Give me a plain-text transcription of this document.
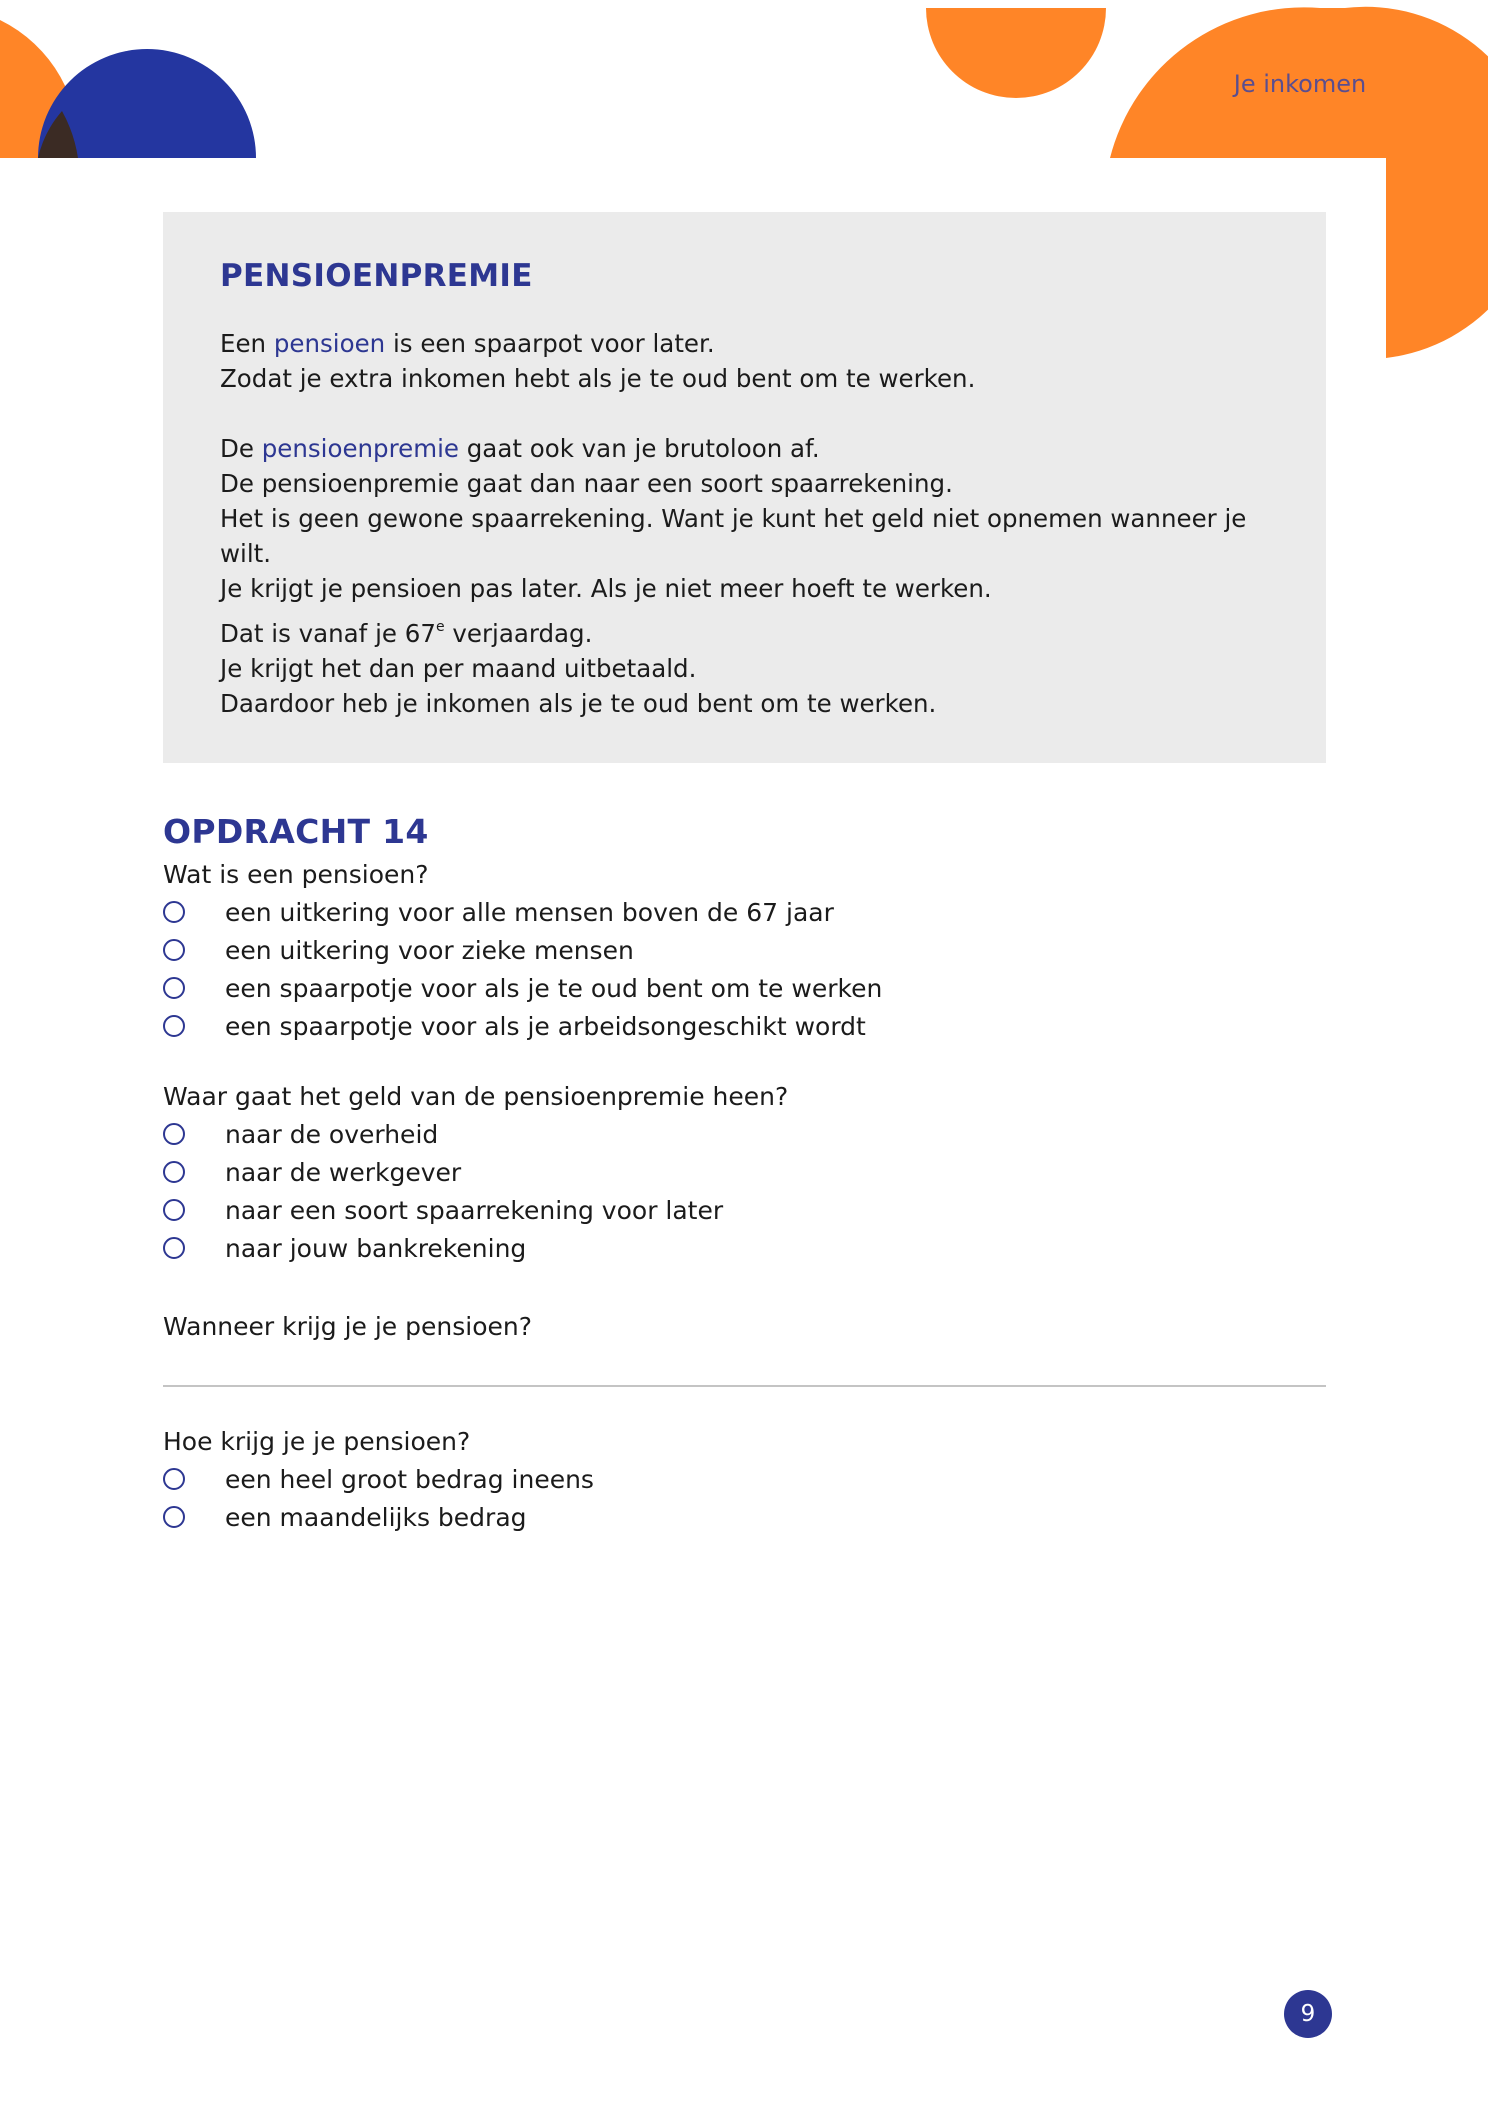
Je inkomen
PENSIOENPREMIE
Een pensioen is een spaarpot voor later.
Zodat je extra inkomen hebt als je te oud bent om te werken.
De pensioenpremie gaat ook van je brutoloon af.
De pensioenpremie gaat dan naar een soort spaarrekening.
Het is geen gewone spaarrekening. Want je kunt het geld niet opnemen wanneer je wilt.
Je krijgt je pensioen pas later. Als je niet meer hoeft te werken.
Dat is vanaf je 67e verjaardag.
Je krijgt het dan per maand uitbetaald.
Daardoor heb je inkomen als je te oud bent om te werken.
OPDRACHT 14
Wat is een pensioen?
een uitkering voor alle mensen boven de 67 jaar
een uitkering voor zieke mensen
een spaarpotje voor als je te oud bent om te werken
een spaarpotje voor als je arbeidsongeschikt wordt
Waar gaat het geld van de pensioenpremie heen?
naar de overheid
naar de werkgever
naar een soort spaarrekening voor later
naar jouw bankrekening
Wanneer krijg je je pensioen?
Hoe krijg je je pensioen?
een heel groot bedrag ineens
een maandelijks bedrag
9
